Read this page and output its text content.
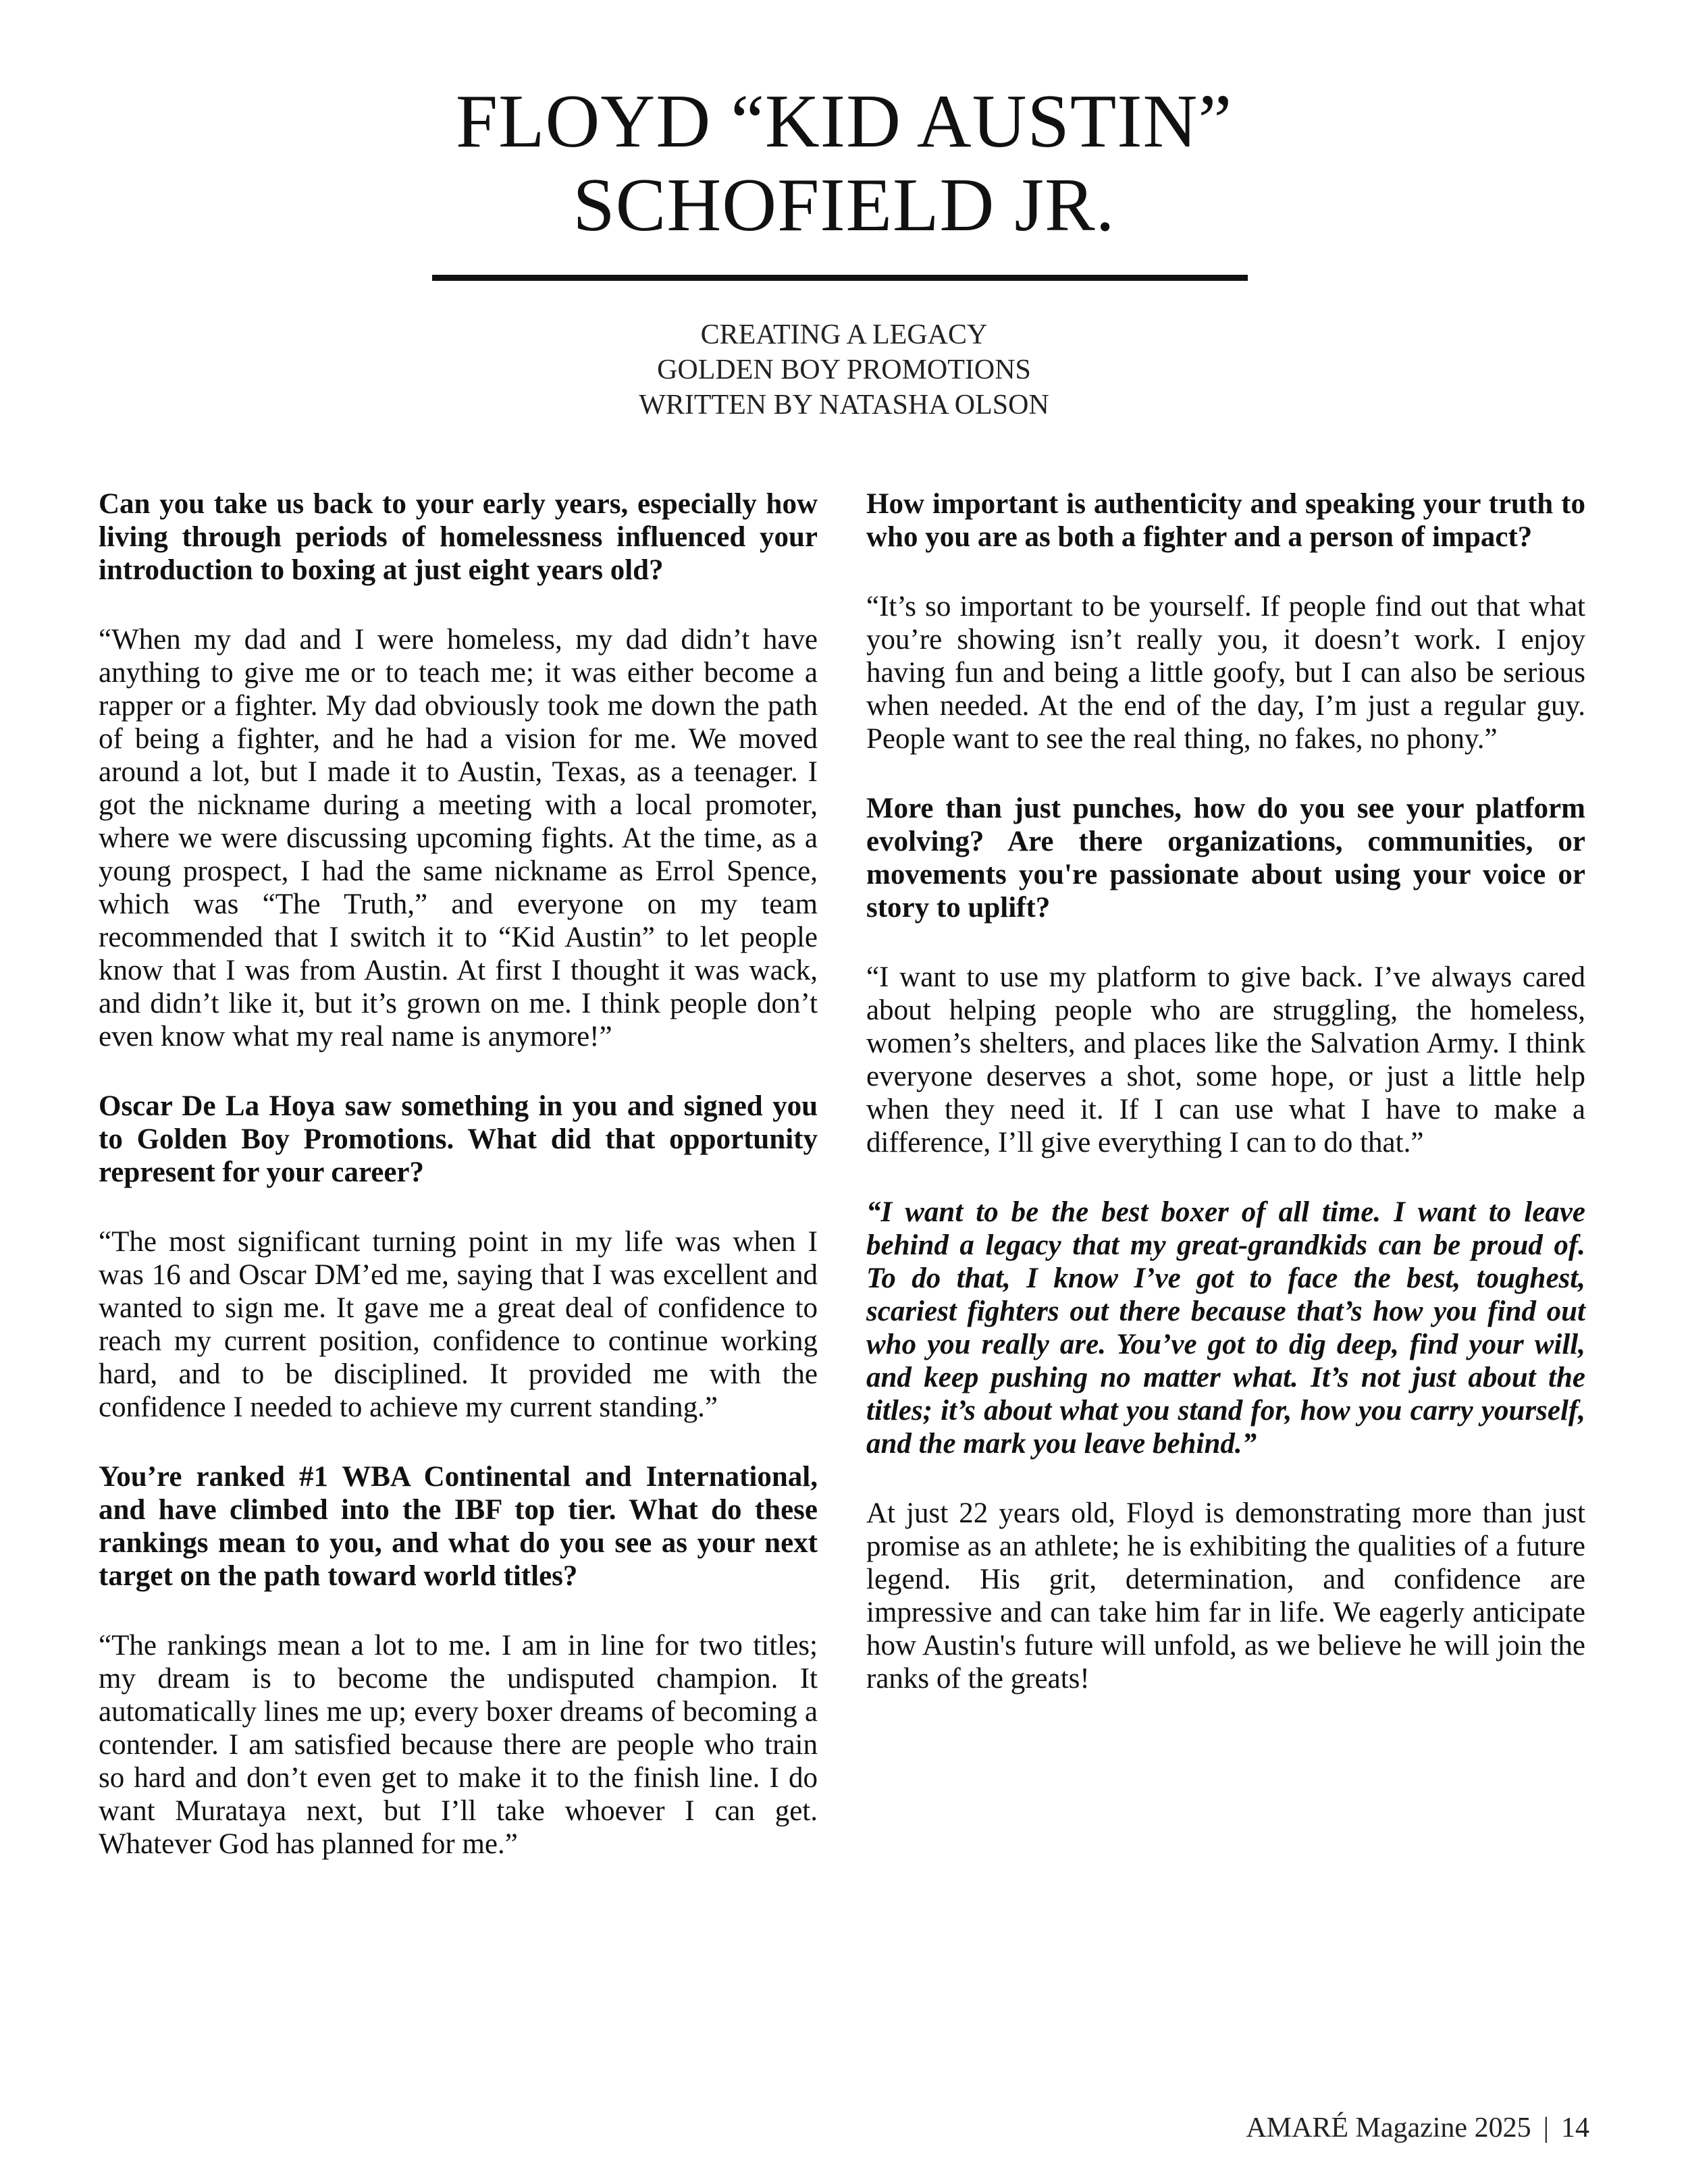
FLOYD “KID AUSTIN”
SCHOFIELD JR.
CREATING A LEGACY
GOLDEN BOY PROMOTIONS
WRITTEN BY NATASHA OLSON

Can you take us back to your early years, especially how living through periods of homelessness influenced your introduction to boxing at just eight years old?

“When my dad and I were homeless, my dad didn’t have anything to give me or to teach me; it was either become a rapper or a fighter. My dad obviously took me down the path of being a fighter, and he had a vision for me. We moved around a lot, but I made it to Austin, Texas, as a teenager. I got the nickname during a meeting with a local promoter, where we were discussing upcoming fights. At the time, as a young prospect, I had the same nickname as Errol Spence, which was “The Truth,” and everyone on my team recommended that I switch it to “Kid Austin” to let people know that I was from Austin. At first I thought it was wack, and didn’t like it, but it’s grown on me. I think people don’t even know what my real name is anymore!”

Oscar De La Hoya saw something in you and signed you to Golden Boy Promotions. What did that opportunity represent for your career?

“The most significant turning point in my life was when I was 16 and Oscar DM’ed me, saying that I was excellent and wanted to sign me. It gave me a great deal of confidence to reach my current position, confidence to continue working hard, and to be disciplined. It provided me with the confidence I needed to achieve my current standing.”

You’re ranked #1 WBA Continental and International, and have climbed into the IBF top tier. What do these rankings mean to you, and what do you see as your next target on the path toward world titles?

“The rankings mean a lot to me. I am in line for two titles; my dream is to become the undisputed champion. It automatically lines me up; every boxer dreams of becoming a contender. I am satisfied because there are people who train so hard and don’t even get to make it to the finish line. I do want Murataya next, but I’ll take whoever I can get. Whatever God has planned for me.”

How important is authenticity and speaking your truth to who you are as both a fighter and a person of impact?

“It’s so important to be yourself. If people find out that what you’re showing isn’t really you, it doesn’t work. I enjoy having fun and being a little goofy, but I can also be serious when needed. At the end of the day, I’m just a regular guy. People want to see the real thing, no fakes, no phony.”

More than just punches, how do you see your platform evolving? Are there organizations, communities, or movements you're passionate about using your voice or story to uplift?

“I want to use my platform to give back. I’ve always cared about helping people who are struggling, the homeless, women’s shelters, and places like the Salvation Army. I think everyone deserves a shot, some hope, or just a little help when they need it. If I can use what I have to make a difference, I’ll give everything I can to do that.”

“I want to be the best boxer of all time. I want to leave behind a legacy that my great-grandkids can be proud of. To do that, I know I’ve got to face the best, toughest, scariest fighters out there because that’s how you find out who you really are. You’ve got to dig deep, find your will, and keep pushing no matter what. It’s not just about the titles; it’s about what you stand for, how you carry yourself, and the mark you leave behind.”

At just 22 years old, Floyd is demonstrating more than just promise as an athlete; he is exhibiting the qualities of a future legend. His grit, determination, and confidence are impressive and can take him far in life. We eagerly anticipate how Austin's future will unfold, as we believe he will join the ranks of the greats!

AMARÉ Magazine 2025 | 14
